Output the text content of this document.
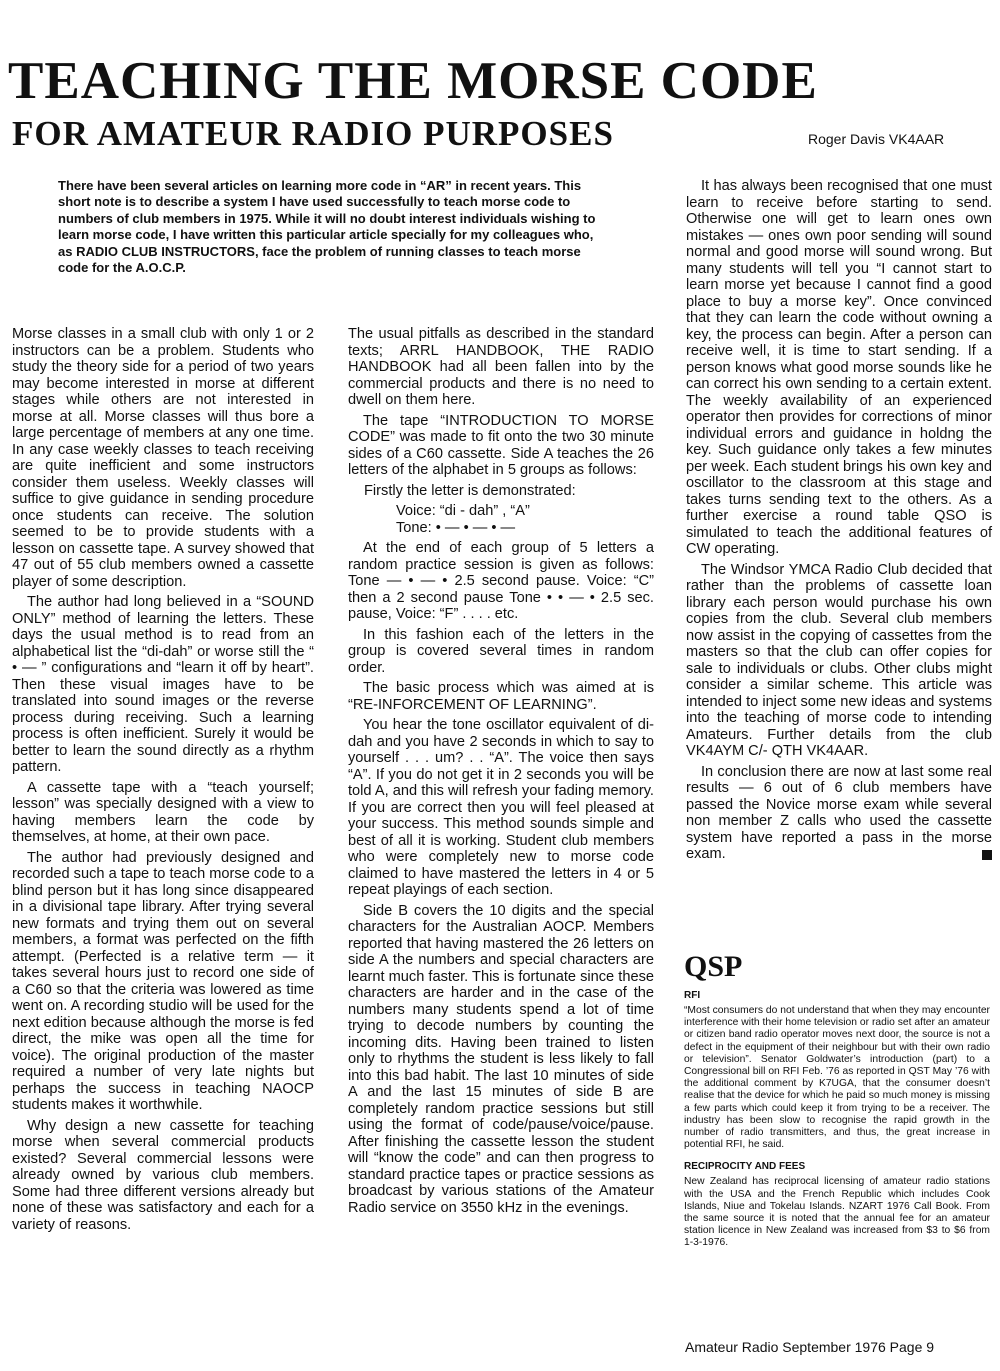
TEACHING THE MORSE CODE
FOR AMATEUR RADIO PURPOSES	Roger Davis VK4AAR
There have been several articles on learning more code in “AR” in recent years. This short note is to describe a system I have used successfully to teach morse code to numbers of club members in 1975. While it will no doubt interest individuals wishing to learn morse code, I have written this particular article specially for my colleagues who, as RADIO CLUB INSTRUCTORS, face the problem of running classes to teach morse code for the A.O.C.P.

Morse classes in a small club with only 1 or 2 instructors can be a problem. Students who study the theory side for a period of two years may become interested in morse at different stages while others are not interested in morse at all. Morse classes will thus bore a large percentage of members at any one time. In any case weekly classes to teach receiving are quite inefficient and some instructors consider them useless. Weekly classes will suffice to give guidance in sending procedure once students can receive. The solution seemed to be to provide students with a lesson on cassette tape. A survey showed that 47 out of 55 club members owned a cassette player of some description.

The author had long believed in a “SOUND ONLY” method of learning the letters. These days the usual method is to read from an alphabetical list the “di-dah” or worse still the “ • — ” configurations and “learn it off by heart”. Then these visual images have to be translated into sound images or the reverse process during receiving. Such a learning process is often inefficient. Surely it would be better to learn the sound directly as a rhythm pattern.

A cassette tape with a “teach yourself; lesson” was specially designed with a view to having members learn the code by themselves, at home, at their own pace.

The author had previously designed and recorded such a tape to teach morse code to a blind person but it has long since disappeared in a divisional tape library. After trying several new formats and trying them out on several members, a format was perfected on the fifth attempt. (Perfected is a relative term — it takes several hours just to record one side of a C60 so that the criteria was lowered as time went on. A recording studio will be used for the next edition because although the morse is fed direct, the mike was open all the time for voice). The original production of the master required a number of very late nights but perhaps the success in teaching NAOCP students makes it worthwhile.

Why design a new cassette for teaching morse when several commercial products existed? Several commercial lessons were already owned by various club members. Some had three different versions already but none of these was satisfactory and each for a variety of reasons.

The usual pitfalls as described in the standard texts; ARRL HANDBOOK, THE RADIO HANDBOOK had all been fallen into by the commercial products and there is no need to dwell on them here.

The tape “INTRODUCTION TO MORSE CODE” was made to fit onto the two 30 minute sides of a C60 cassette. Side A teaches the 26 letters of the alphabet in 5 groups as follows:

Firstly the letter is demonstrated:

Voice: “di - dah” , “A”

Tone: • — • — • —

At the end of each group of 5 letters a random practice session is given as follows: Tone — • — • 2.5 second pause. Voice: “C” then a 2 second pause Tone • • — • 2.5 sec. pause, Voice: “F” . . . . etc.

In this fashion each of the letters in the group is covered several times in random order.

The basic process which was aimed at is “RE-INFORCEMENT OF LEARNING”.

You hear the tone oscillator equivalent of di-dah and you have 2 seconds in which to say to yourself . . . um? . . “A”. The voice then says “A”. If you do not get it in 2 seconds you will be told A, and this will refresh your fading memory. If you are correct then you will feel pleased at your success. This method sounds simple and best of all it is working. Student club members who were completely new to morse code claimed to have mastered the letters in 4 or 5 repeat playings of each section.

Side B covers the 10 digits and the special characters for the Australian AOCP. Members reported that having mastered the 26 letters on side A the numbers and special characters are learnt much faster. This is fortunate since these characters are harder and in the case of the numbers many students spend a lot of time trying to decode numbers by counting the incoming dits. Having been trained to listen only to rhythms the student is less likely to fall into this bad habit. The last 10 minutes of side A and the last 15 minutes of side B are completely random practice sessions but still using the format of code/pause/voice/pause. After finishing the cassette lesson the student will “know the code” and can then progress to standard practice tapes or practice sessions as broadcast by various stations of the Amateur Radio service on 3550 kHz in the evenings.

It has always been recognised that one must learn to receive before starting to send. Otherwise one will get to learn ones own mistakes — ones own poor sending will sound normal and good morse will sound wrong. But many students will tell you “I cannot start to learn morse yet because I cannot find a good place to buy a morse key”. Once convinced that they can learn the code without owning a key, the process can begin. After a person can receive well, it is time to start sending. If a person knows what good morse sounds like he can correct his own sending to a certain extent. The weekly availability of an experienced operator then provides for corrections of minor individual errors and guidance in holdng the key. Such guidance only takes a few minutes per week. Each student brings his own key and oscillator to the classroom at this stage and takes turns sending text to the others. As a further exercise a round table QSO is simulated to teach the additional features of CW operating.

The Windsor YMCA Radio Club decided that rather than the problems of cassette loan library each person would purchase his own copies from the club. Several club members now assist in the copying of cassettes from the masters so that the club can offer copies for sale to individuals or clubs. Other clubs might consider a similar scheme. This article was intended to inject some new ideas and systems into the teaching of morse code to intending Amateurs. Further details from the club VK4AYM C/- QTH VK4AAR.

In conclusion there are now at last some real results — 6 out of 6 club members have passed the Novice morse exam while several non member Z calls who used the cassette system have reported a pass in the morse exam.

QSP
RFI
“Most consumers do not understand that when they may encounter interference with their home television or radio set after an amateur or citizen band radio operator moves next door, the source is not a defect in the equipment of their neighbour but with their own radio or television”. Senator Goldwater’s introduction (part) to a Congressional bill on RFI Feb. ’76 as reported in QST May ’76 with the additional comment by K7UGA, that the consumer doesn’t realise that the device for which he paid so much money is missing a few parts which could keep it from trying to be a receiver. The industry has been slow to recognise the rapid growth in the number of radio transmitters, and thus, the great increase in potential RFI, he said.
RECIPROCITY AND FEES
New Zealand has reciprocal licensing of amateur radio stations with the USA and the French Republic which includes Cook Islands, Niue and Tokelau Islands. NZART 1976 Call Book. From the same source it is noted that the annual fee for an amateur station licence in New Zealand was increased from $3 to $6 from 1-3-1976.
Amateur Radio September 1976 Page 9
